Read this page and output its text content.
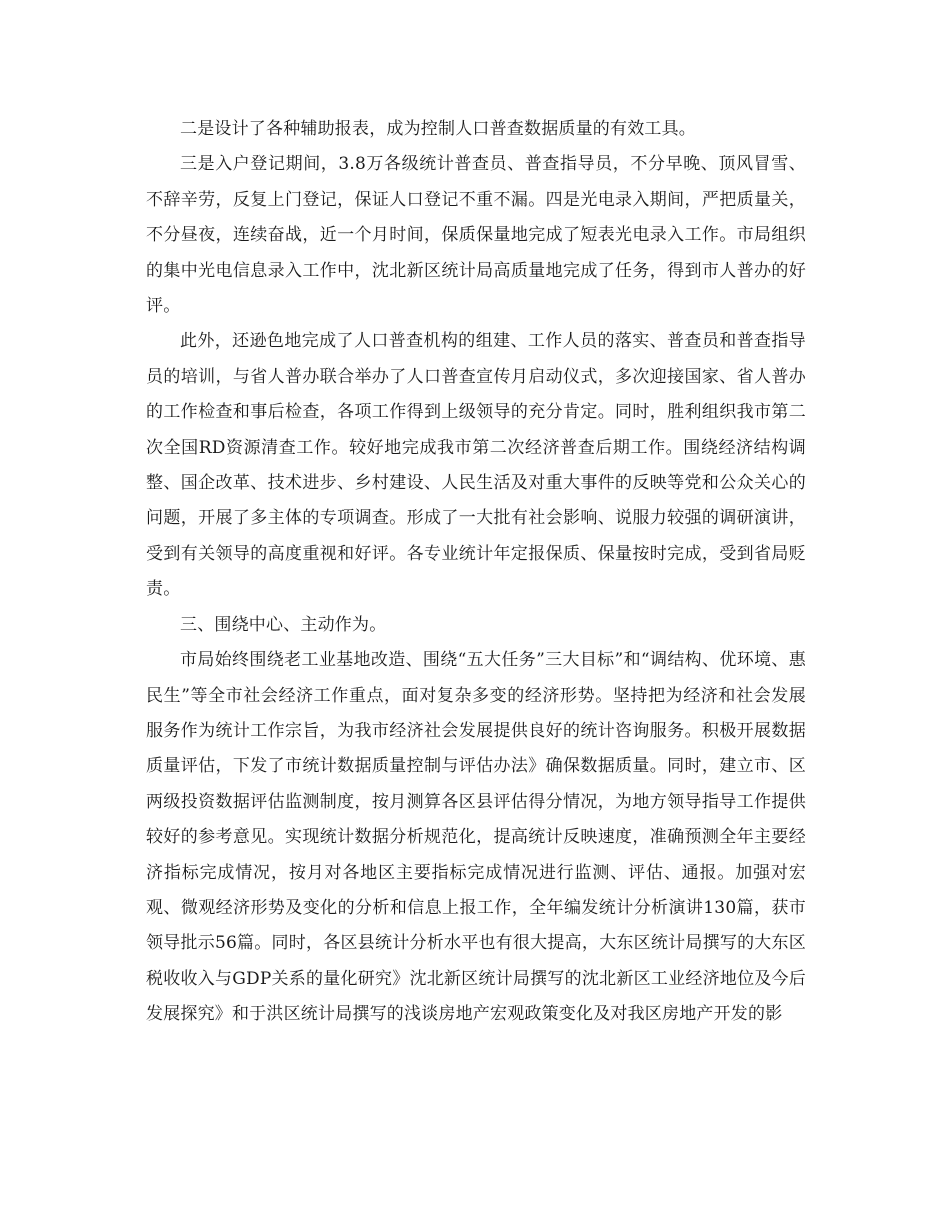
二是设计了各种辅助报表，成为控制人口普查数据质量的有效工具。

三是入户登记期间，3.8万各级统计普查员、普查指导员，不分早晚、顶风冒雪、不辞辛劳，反复上门登记，保证人口登记不重不漏。四是光电录入期间，严把质量关，不分昼夜，连续奋战，近一个月时间，保质保量地完成了短表光电录入工作。市局组织的集中光电信息录入工作中，沈北新区统计局高质量地完成了任务，得到市人普办的好评。

此外，还逊色地完成了人口普查机构的组建、工作人员的落实、普查员和普查指导员的培训，与省人普办联合举办了人口普查宣传月启动仪式，多次迎接国家、省人普办的工作检查和事后检查，各项工作得到上级领导的充分肯定。同时，胜利组织我市第二次全国RD资源清查工作。较好地完成我市第二次经济普查后期工作。围绕经济结构调整、国企改革、技术进步、乡村建设、人民生活及对重大事件的反映等党和公众关心的问题，开展了多主体的专项调查。形成了一大批有社会影响、说服力较强的调研演讲，受到有关领导的高度重视和好评。各专业统计年定报保质、保量按时完成，受到省局贬责。

三、围绕中心、主动作为。

市局始终围绕老工业基地改造、围绕“五大任务”三大目标”和“调结构、优环境、惠民生”等全市社会经济工作重点，面对复杂多变的经济形势。坚持把为经济和社会发展服务作为统计工作宗旨，为我市经济社会发展提供良好的统计咨询服务。积极开展数据质量评估，下发了市统计数据质量控制与评估办法》确保数据质量。同时，建立市、区两级投资数据评估监测制度，按月测算各区县评估得分情况，为地方领导指导工作提供较好的参考意见。实现统计数据分析规范化，提高统计反映速度，准确预测全年主要经济指标完成情况，按月对各地区主要指标完成情况进行监测、评估、通报。加强对宏观、微观经济形势及变化的分析和信息上报工作，全年编发统计分析演讲130篇，获市领导批示56篇。同时，各区县统计分析水平也有很大提高，大东区统计局撰写的大东区税收收入与GDP关系的量化研究》沈北新区统计局撰写的沈北新区工业经济地位及今后发展探究》和于洪区统计局撰写的浅谈房地产宏观政策变化及对我区房地产开发的影
